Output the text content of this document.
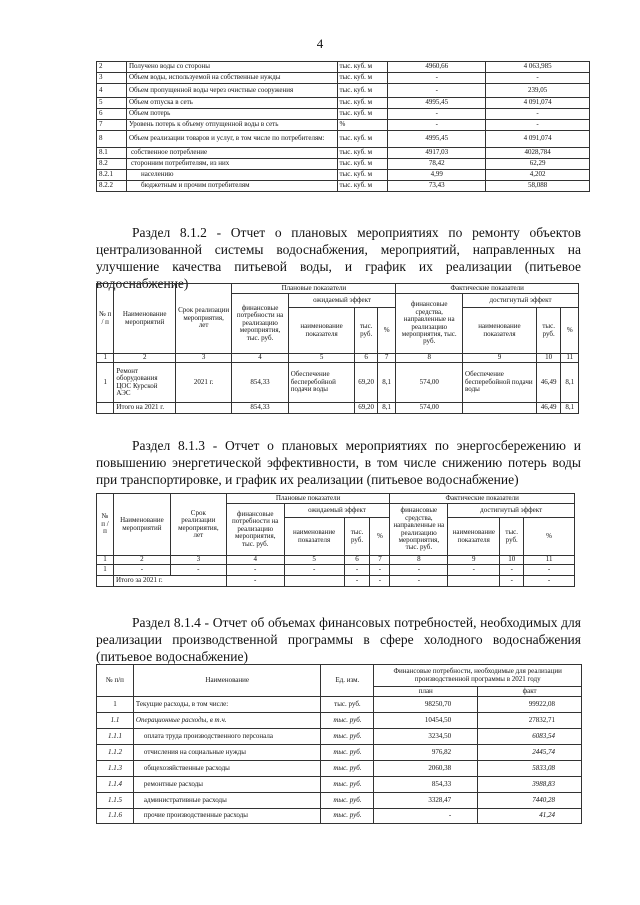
4
2	Получено воды со стороны	тыс. куб. м	4960,66	4 063,985
3	Объем воды, используемой на собственные нужды	тыс. куб. м	-	-
4	Объем пропущенной воды через очистные сооружения	тыс. куб. м	-	239,05
5	Объем отпуска в сеть	тыс. куб. м	4995,45	4 091,074
6	Объем потерь	тыс. куб. м	-	-
7	Уровень потерь к объему отпущенной воды в сеть	%	-	-
8	Объем реализации товаров и услуг, в том числе по потребителям:	тыс. куб. м	4995,45	4 091,074
8.1	собственное потребление	тыс. куб. м	4917,03	4028,784
8.2	сторонним потребителям, из них	тыс. куб. м	78,42	62,29
8.2.1	населению	тыс. куб. м	4,99	4,202
8.2.2	бюджетным и прочим потребителям	тыс. куб. м	73,43	58,088
Раздел 8.1.2 - Отчет о плановых мероприятиях по ремонту объектов централизованной системы водоснабжения, мероприятий, направленных на улучшение качества питьевой воды, и график их реализации (питьевое водоснабжение)
№ п / п	Наименование мероприятий	Срок реализации мероприятия, лет	Плановые показатели				Фактические показатели			
			финансовые потребности на реализацию мероприятия, тыс. руб.	ожидаемый эффект			финансовые средства, направленные на реализацию мероприятия, тыс. руб.	достигнутый эффект		
				наименование показателя	тыс. руб.	%		наименование показателя	тыс. руб.	%
1	2	3	4	5	6	7	8	9	10	11
1	Ремонт оборудования ЦОС Курской АЭС	2021 г.	854,33	Обеспечение бесперебойной подачи воды	69,20	8,1	574,00	Обеспечение бесперебойной подачи воды	46,49	8,1
	Итого на 2021 г.		854,33		69,20	8,1	574,00		46,49	8,1
Раздел 8.1.3 - Отчет о плановых мероприятиях по энергосбережению и повышению энергетической эффективности, в том числе снижению потерь воды при транспортировке, и график их реализации (питьевое водоснабжение)
№ п / п	Наименование мероприятий	Срок реализации мероприятия, лет	Плановые показатели				Фактические показатели			
			финансовые потребности на реализацию мероприятия, тыс. руб.	ожидаемый эффект			финансовые средства, направленные на реализацию мероприятия, тыс. руб.	достигнутый эффект		
				наименование показателя	тыс. руб.	%		наименование показателя	тыс. руб.	%
1	2	3	4	5	6	7	8	9	10	11
1	-	-	-	-	-	-	-	-	-	-
	Итого за 2021 г.		-		-	-	-		-	-
Раздел 8.1.4 - Отчет об объемах финансовых потребностей, необходимых для реализации производственной программы в сфере холодного водоснабжения (питьевое водоснабжение)
№ п/п	Наименование	Ед. изм.	Финансовые потребности, необходимые для реализации производственной программы в 2021 году	
			план	факт
1	Текущие расходы, в том числе:	тыс. руб.	98250,70	99922,08
1.1	Операционные расходы, в т.ч.	тыс. руб.	10454,50	27832,71
1.1.1	оплата труда производственного персонала	тыс. руб.	3234,50	6083,54
1.1.2	отчисления на социальные нужды	тыс. руб.	976,82	2445,74
1.1.3	общехозяйственные расходы	тыс. руб.	2060,38	5833,08
1.1.4	ремонтные расходы	тыс. руб.	854,33	3988,83
1.1.5	административные расходы	тыс. руб.	3328,47	7440,28
1.1.6	прочие производственные расходы	тыс. руб.	-	41,24
